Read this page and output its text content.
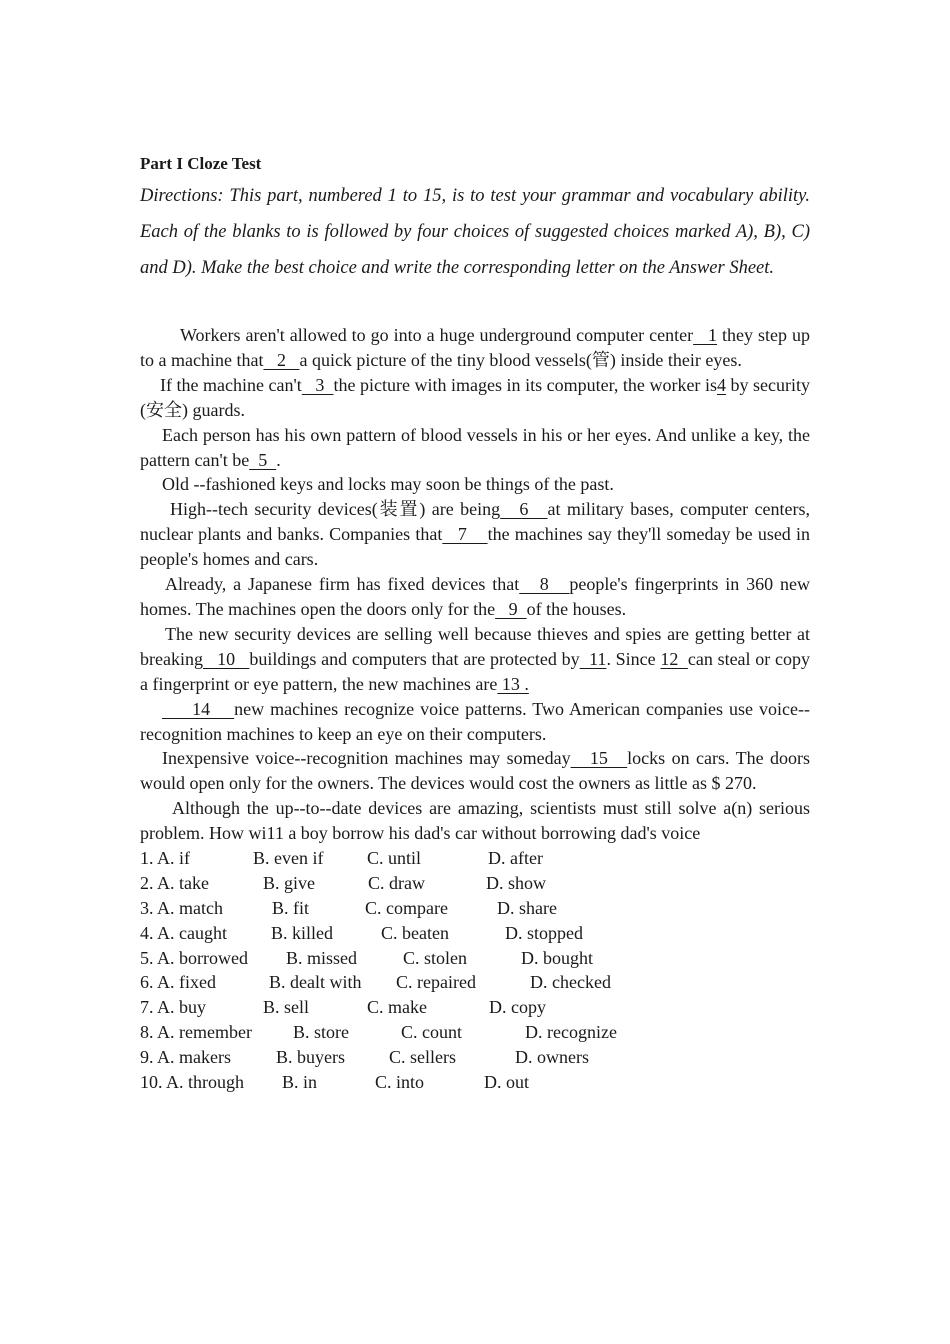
Part I Cloze Test

Directions: This part, numbered 1 to 15, is to test your grammar and vocabulary ability. Each of the blanks to is followed by four choices of suggested choices marked A), B), C) and D). Make the best choice and write the corresponding letter on the Answer Sheet.

Workers aren't allowed to go into a huge underground computer center   1 they step up to a machine that   2   a quick picture of the tiny blood vessels(管) inside their eyes.

If the machine can't   3  the picture with images in its computer, the worker is4 by security (安全) guards.

Each person has his own pattern of blood vessels in his or her eyes. And unlike a key, the pattern can't be  5  .

Old --fashioned keys and locks may soon be things of the past.

High--tech security devices(装置) are being   6   at military bases, computer centers, nuclear plants and banks. Companies that   7    the machines say they'll someday be used in people's homes and cars.

Already, a Japanese firm has fixed devices that   8   people's fingerprints in 360 new homes. The machines open the doors only for the   9  of the houses.

The new security devices are selling well because thieves and spies are getting better at breaking   10   buildings and computers that are protected by  11. Since 12  can steal or copy a fingerprint or eye pattern, the new machines are 13 .

14    new machines recognize voice patterns. Two American companies use voice--recognition machines to keep an eye on their computers.

Inexpensive voice--recognition machines may someday   15   locks on cars. The doors would open only for the owners. The devices would cost the owners as little as $ 270.

Although the up--to--date devices are amazing, scientists must still solve a(n) serious problem. How wi11 a boy borrow his dad's car without borrowing dad's voice

1. A. if	B. even if C. until	D. after
2. A. take	B. give	C. draw	D. show
3. A. match	B. fit	C. compare	D. share
4. A. caught B. killed	C. beaten	D. stopped
5. A. borrowed B. missed	C. stolen	D. bought
6. A. fixed	B. dealt with C. repaired	D. checked
7. A. buy	B. sell	C. make	D. copy
8. A. remember B. store	C. count	D. recognize
9. A. makers	B. buyers C. sellers	D. owners
10. A. through B. in	C. into	D. out
